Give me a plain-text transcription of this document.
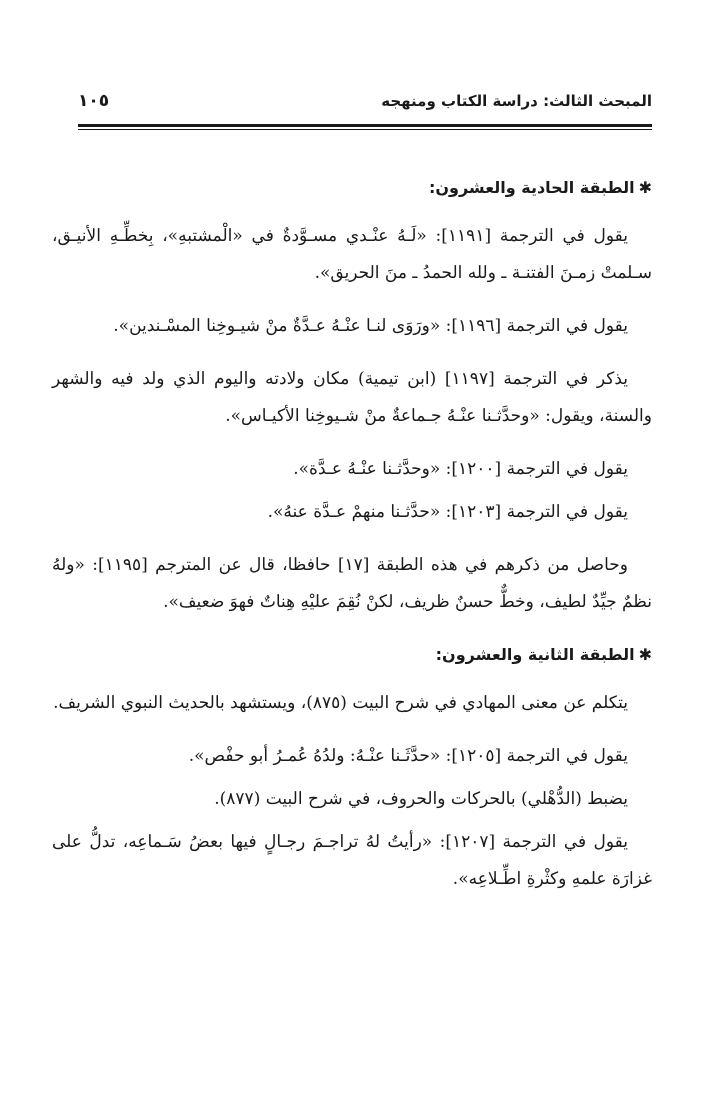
المبحث الثالث: دراسة الكتاب ومنهجه
١٠٥
✱الطبقة الحادية والعشرون:

يقول في الترجمة [١١٩١]: «لَـهُ عنْـدي مسـوَّدةٌ في «الْمشتبهِ»، بِخطِّـهِ الأنيـق، سـلمتْ زمـنَ الفتنـة ـ ولله الحمدُ ـ منَ الحريق».

يقول في الترجمة [١١٩٦]: «ورَوَى لنـا عنْـهُ عـدَّةٌ منْ شيـوخِنا المسْـندين».

يذكر في الترجمة [١١٩٧] (ابن تيمية) مكان ولادته واليوم الذي ولد فيه والشهر والسنة، ويقول: «وحدَّثـنا عنْـهُ جـماعةٌ منْ شـيوخِنا الأكيـاس».

يقول في الترجمة [١٢٠٠]: «وحدَّثـنا عنْـهُ عـدَّة».

يقول في الترجمة [١٢٠٣]: «حدَّثـنا منهمْ عـدَّة عنهُ».

وحاصل من ذكرهم في هذه الطبقة [١٧] حافظا، قال عن المترجم [١١٩٥]: «ولهُ نظمٌ جيِّدٌ لطيف، وخطٌّ حسنٌ ظريف، لكنْ نُقِمَ عليْهِ هِناتٌ فهوَ ضعيف».

✱الطبقة الثانية والعشرون:

يتكلم عن معنى المهادي في شرح البيت (٨٧٥)، ويستشهد بالحديث النبوي الشريف.

يقول في الترجمة [١٢٠٥]: «حدَّثَـنا عنْـهُ: ولدُهُ عُمـرُ أبو حفْص».

يضبط (الدُّهْلي) بالحركات والحروف، في شرح البيت (٨٧٧).

يقول في الترجمة [١٢٠٧]: «رأيتُ لهُ تراجـمَ رجـالٍ فيها بعضُ سَـماعِه، تدلُّ على غزارَة علمهِ وكثْرةِ اطِّـلاعِه».
